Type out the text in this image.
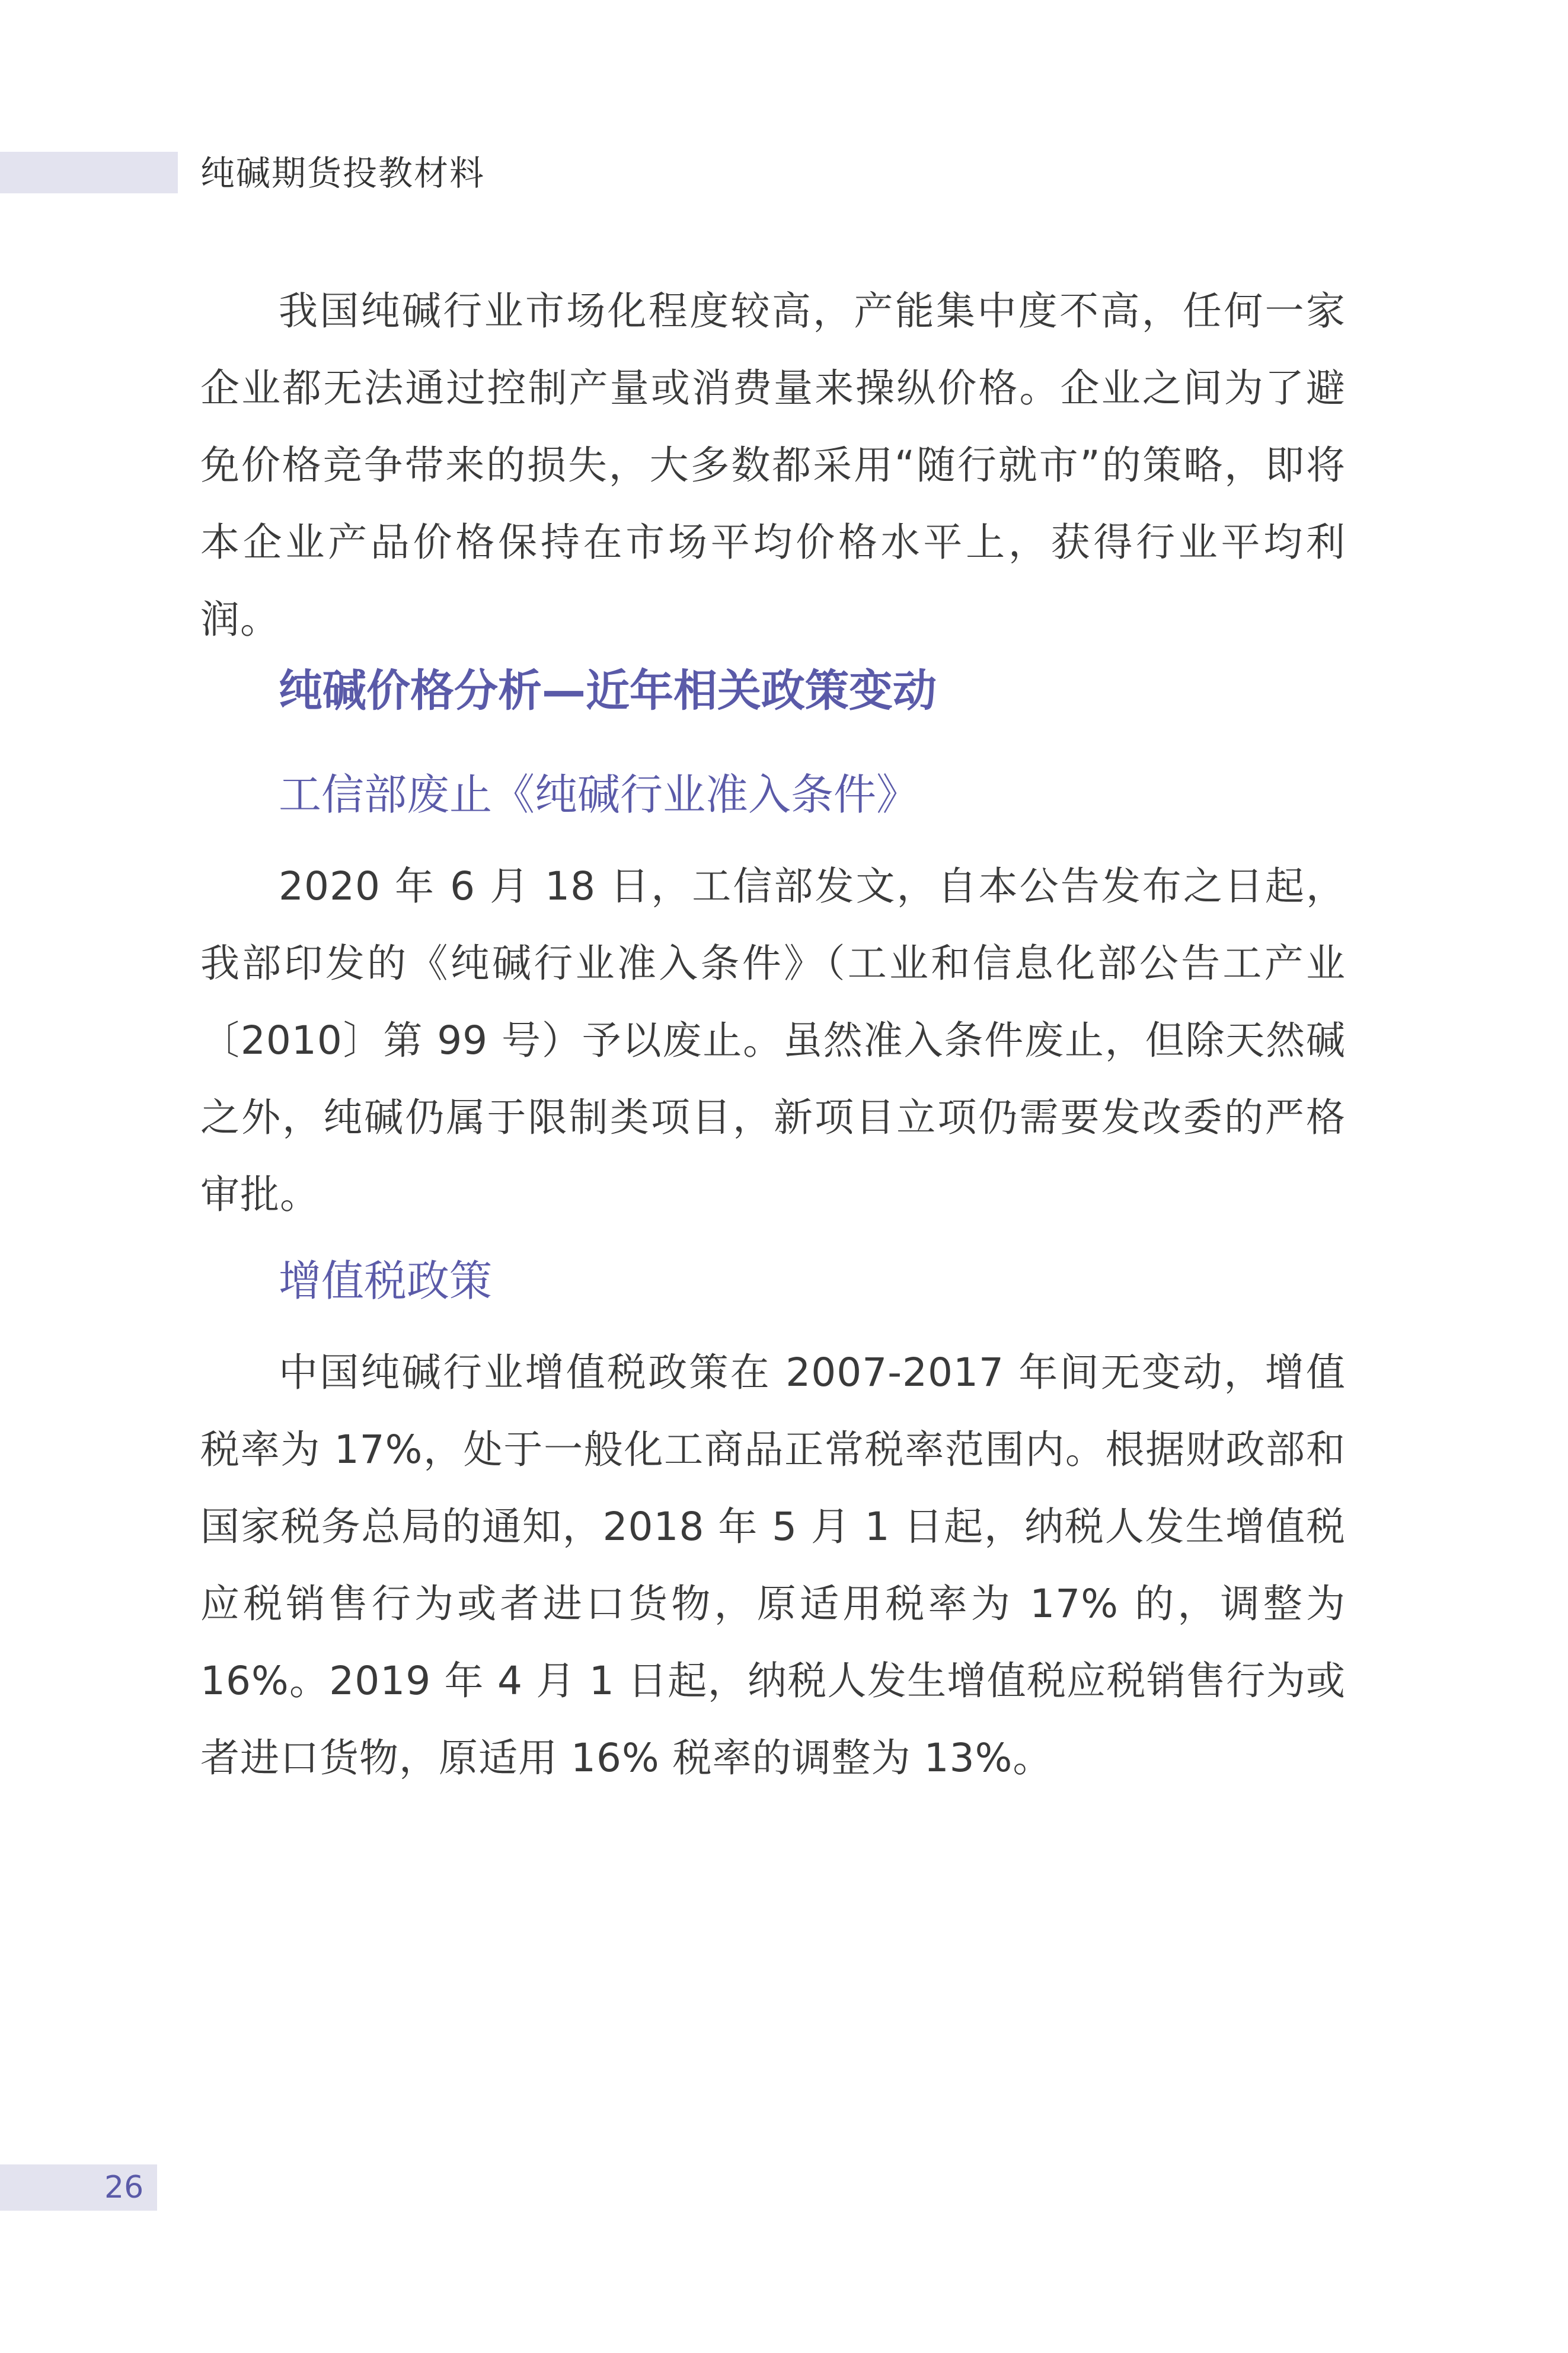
纯碱期货投教材料

我国纯碱行业市场化程度较高，产能集中度不高，任何一家企业都无法通过控制产量或消费量来操纵价格。企业之间为了避免价格竞争带来的损失，大多数都采用“随行就市”的策略，即将本企业产品价格保持在市场平均价格水平上，获得行业平均利润。

纯碱价格分析—近年相关政策变动
工信部废止《纯碱行业准入条件》

2020 年 6 月 18 日，工信部发文，自本公告发布之日起，我部印发的《纯碱行业准入条件》（工业和信息化部公告工产业〔2010〕第 99 号）予以废止。虽然准入条件废止，但除天然碱之外，纯碱仍属于限制类项目，新项目立项仍需要发改委的严格审批。

增值税政策

中国纯碱行业增值税政策在 2007-2017 年间无变动，增值税率为 17%，处于一般化工商品正常税率范围内。根据财政部和国家税务总局的通知，2018 年 5 月 1 日起，纳税人发生增值税应税销售行为或者进口货物，原适用税率为 17% 的，调整为 16%。2019 年 4 月 1 日起，纳税人发生增值税应税销售行为或者进口货物，原适用 16% 税率的调整为 13%。

26
